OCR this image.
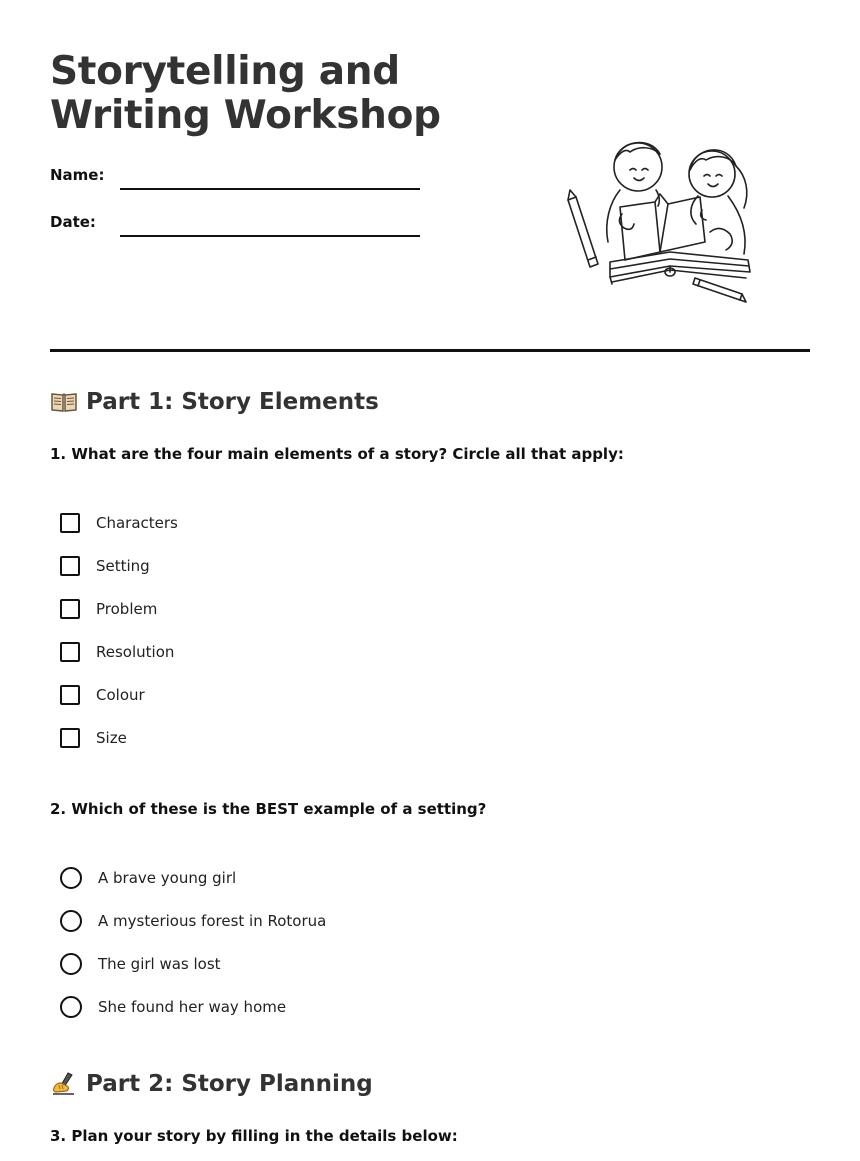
Storytelling and Writing Workshop
Name:
Date:
Part 1: Story Elements
1. What are the four main elements of a story? Circle all that apply:
Characters
Setting
Problem
Resolution
Colour
Size
2. Which of these is the BEST example of a setting?
A brave young girl
A mysterious forest in Rotorua
The girl was lost
She found her way home
Part 2: Story Planning
3. Plan your story by filling in the details below:
